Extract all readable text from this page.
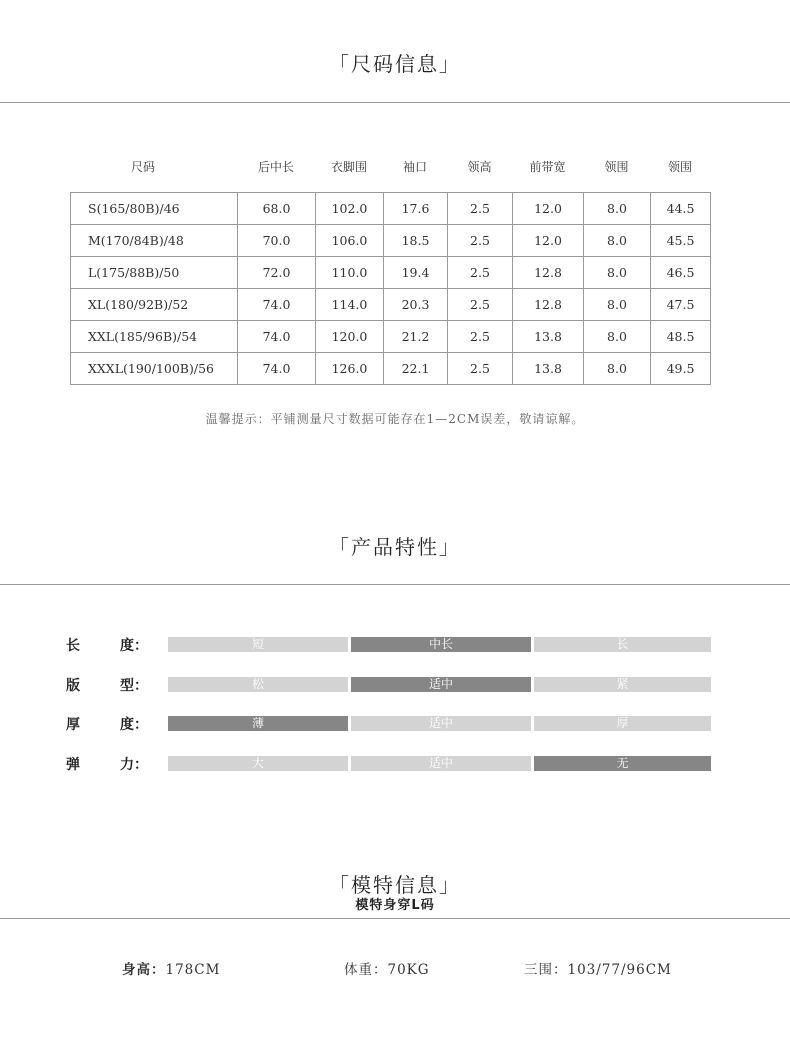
「尺码信息」
尺码	后中长	衣脚围	袖口	领高	前带宽	领围	领围
S(165/80B)/46	68.0	102.0	17.6	2.5	12.0	8.0	44.5
M(170/84B)/48	70.0	106.0	18.5	2.5	12.0	8.0	45.5
L(175/88B)/50	72.0	110.0	19.4	2.5	12.8	8.0	46.5
XL(180/92B)/52	74.0	114.0	20.3	2.5	12.8	8.0	47.5
XXL(185/96B)/54	74.0	120.0	21.2	2.5	13.8	8.0	48.5
XXXL(190/100B)/56	74.0	126.0	22.1	2.5	13.8	8.0	49.5
温馨提示：平铺测量尺寸数据可能存在1—2CM误差，敬请谅解。
「产品特性」
长	度：	短	中长	长
版	型：	松	适中	紧
厚	度：	薄	适中	厚
弹	力：	大	适中	无
「模特信息」
模特身穿L码
身高：178CM	体重：70KG	三围：103/77/96CM
